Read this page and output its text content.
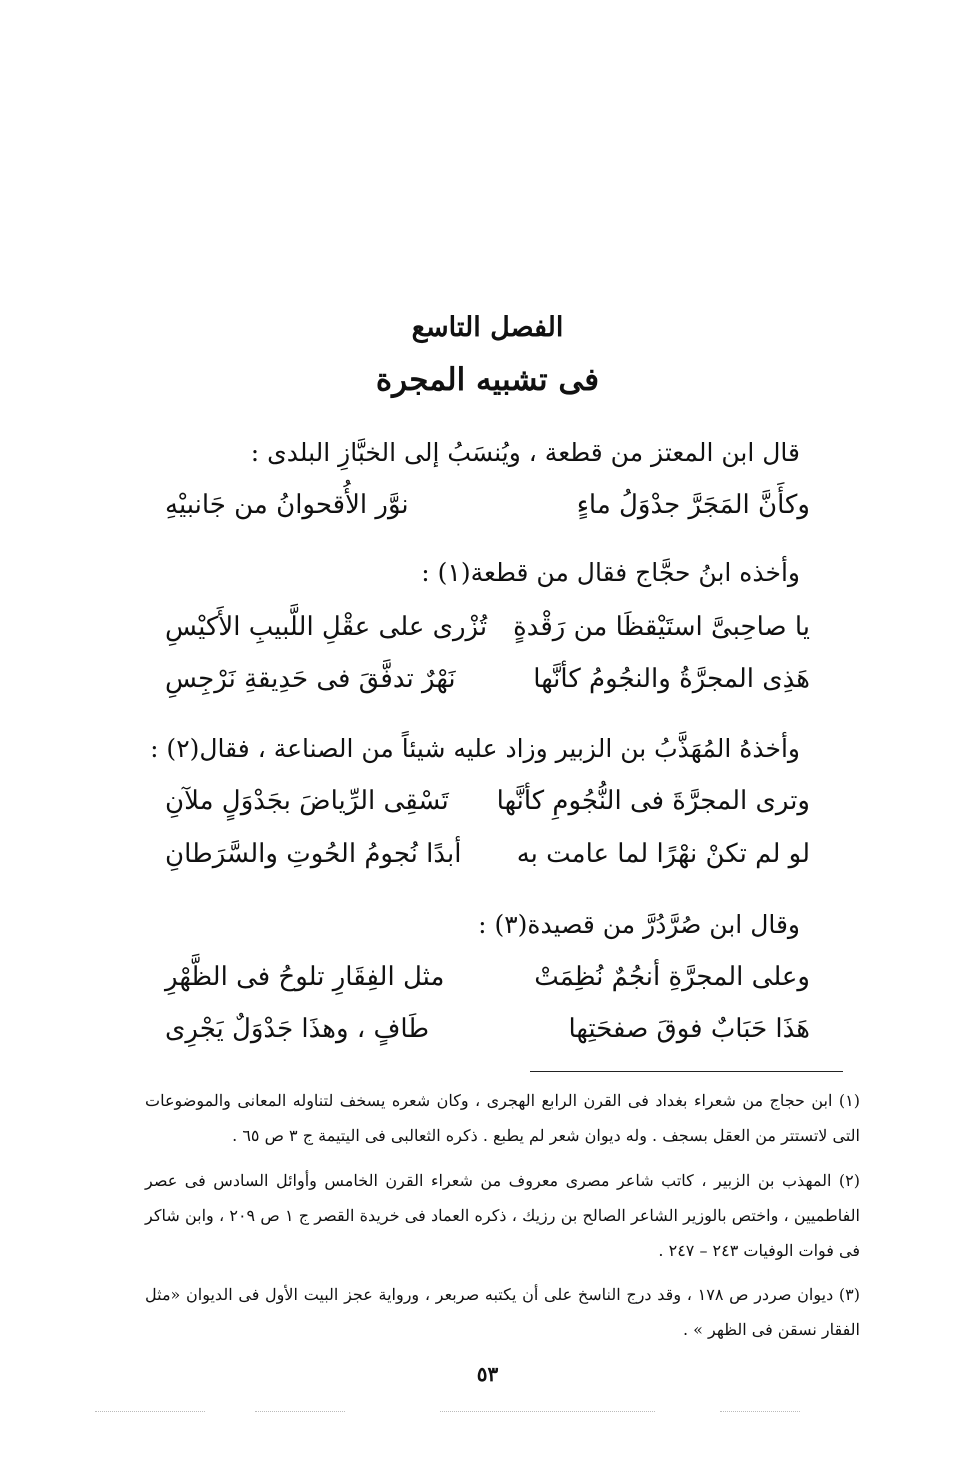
الفصل التاسع
فى تشبيه المجرة
قال ابن المعتز من قطعة ، ويُنسَبُ إلى الخبَّازِ البلدى :
وكأَنَّ المَجَرَّ جدْوَلُ ماءٍ
نوَّر الأُقحوانُ من جَانبيْهِ
وأخذه ابنُ حجَّاج فقال من قطعة(١) :
يا صاحِبىَّ استَيْقظَا من رَقْدةٍ
تُزْرى على عقْلِ اللَّبيبِ الأَكيْسِ
هَذِى المجرَّةُ والنجُومُ كأنَّها
نَهْرٌ تدفَّقَ فى حَدِيقةِ نَرْجِسِ
وأخذهُ المُهَذَّبُ بن الزبير وزاد عليه شيئاً من الصناعة ، فقال(٢) :
وترى المجرَّةَ فى النُّجُومِ كأنَّها
تَسْقِى الرِّياضَ بجَدْوَلٍ ملآنِ
لو لم تكنْ نهْرًا لما عامت به
أبدًا نُجومُ الحُوتِ والسَّرَطانِ
وقال ابن صُرَّدُرَّ من قصيدة(٣) :
وعلى المجرَّةِ أنجُمٌ نُظِمَتْ
مثل الفِقَارِ تلوحُ فى الظَّهْرِ
هَذَا حَبَابٌ فوقَ صفحَتِها
طَافٍ ، وهذَا جَدْوَلٌ يَجْرِى
(١) ابن حجاج من شعراء بغداد فى القرن الرابع الهجرى ، وكان شعره يسخف لتناوله المعانى والموضوعات التى لاتستتر من العقل بسجف . وله ديوان شعر لم يطبع . ذكره الثعالبى فى اليتيمة ج ٣ ص ٦٥ .
(٢) المهذب بن الزبير ، كاتب شاعر مصرى معروف من شعراء القرن الخامس وأوائل السادس فى عصر الفاطميين ، واختص بالوزير الشاعر الصالح بن رزيك ، ذكره العماد فى خريدة القصر ج ١ ص ٢٠٩ ، وابن شاكر فى فوات الوفيات ٢٤٣ – ٢٤٧ .
(٣) ديوان صردر ص ١٧٨ ، وقد درج الناسخ على أن يكتبه صربعر ، ورواية عجز البيت الأول فى الديوان «مثل الفقار نسقن فى الظهر » .
٥٣
